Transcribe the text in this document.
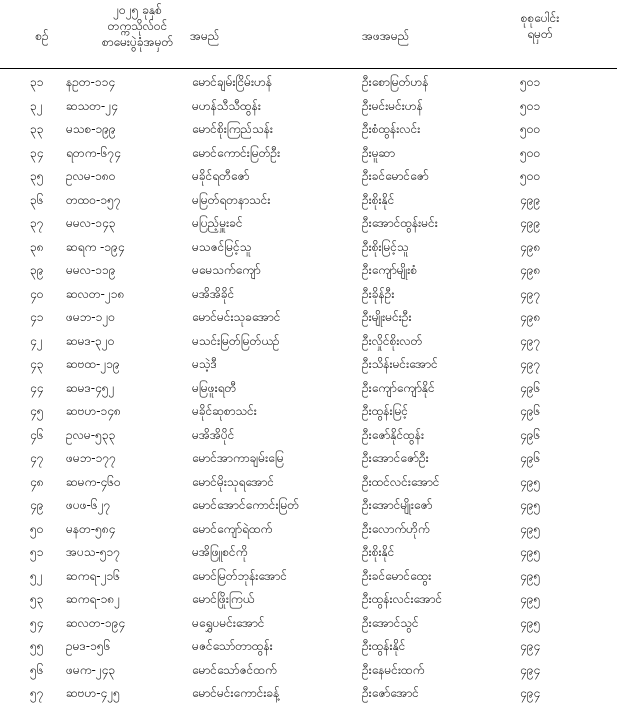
စဉ်
၂၀၂၅ ခုနှစ်
တက္ကသိုလ်ဝင်
စာမေးပွဲခုံအမှတ်	အမည်	အဖအမည်
စုစုပေါင်း
ရမှတ်
၃၁	နဥတ-၁၁၄	မောင်ချမ်းငြိမ်းဟန်	ဦးစောမြတ်ဟန်	၅၀၁
၃၂	ဆသတ-၂၄	မဟန်သီသီထွန်း	ဦးမင်းမင်းဟန်	၅၀၁
၃၃	မသစ-၁၉၉	မောင်စိုးကြည်သန်း	ဦးစံထွန်းလင်း	၅၀၀
၃၄	ရတက-၆၇၄	မောင်ကောင်းမြတ်ဦး	ဦးမူဆာ	၅၀၀
၃၅	ဥလမ-၁၈၀	မခိုင်ရတီဇော်	ဦးခင်မောင်ဇော်	၅၀၀
၃၆	တထ၀-၁၅၇	မမြတ်ရတနာသင်း	ဦးစိုးနိုင်	၄၉၉
၃၇	မမလ-၁၄၃	မပြည့်မှူးခင်	ဦးအောင်ထွန်းမင်း	၄၉၉
၃၈	ဆရက -၁၉၄	မသဇင်မြင့်သူ	ဦးစိုးမြင့်သူ	၄၉၈
၃၉	မမလ-၁၁၉	မမေသက်ကျော်	ဦးကျော်မျိုးစံ	၄၉၈
၄၀	ဆလတ-၂၁၈	မအိအိခိုင်	ဦးခိုန်ဦး	၄၉၇
၄၁	ဖမဘ-၁၂၀	မောင်မင်းသုခအောင်	ဦးမျိုးမင်းဦး	၄၉၈
၄၂	ဆမဒ-၃၂၀	မသင်းမြတ်မြတ်ယဉ်	ဦးလှိုင်စိုးလတ်	၄၉၇
၄၃	ဆဗထ-၂၁၉	မသဲ့ဒီ	ဦးသိန်းမင်းအောင်	၄၉၇
၄၄	ဆမဒ-၄၅၂	မမြဖူးရတီ	ဦးကျော်ကျော်နိုင်	၄၉၆
၄၅	ဆဗဟ-၁၄၈	မခိုင်ဆုစာသင်း	ဦးထွန်းမြင့်	၄၉၆
၄၆	ဥလမ-၅၃၃	မအိအိပိုင်	ဦးဇော်နိုင်ထွန်း	၄၉၆
၄၇	ဖမဘ-၁၇၇	မောင်အာကာချမ်းမြေ	ဦးအောင်ဇော်ဦး	၄၉၆
၄၈	ဆမက-၄၆၀	မောင်မိုးသုရအောင်	ဦးထင်လင်းအောင်	၄၉၅
၄၉	ဖပဖ-၆၂၇	မောင်အောင်ကောင်းမြတ်	ဦးအောင်မျိုးဇော်	၄၉၅
၅၀	မနတ-၅၈၄	မောင်ကျော်ရဲထက်	ဦးလောက်ဟိုက်	၄၉၅
၅၁	အပသ-၅၁၇	မအိဖြူစင်ကို	ဦးစိုးနိုင်	၄၉၅
၅၂	ဆကရ-၂၁၆	မောင်မြတ်ဘုန်းအောင်	ဦးခင်မောင်ထွေး	၄၉၅
၅၃	ဆကရ-၁၈၂	မောင်ဖြိုးကြယ်	ဦးထွန်းလင်းအောင်	၄၉၅
၅၄	ဆလတ-၁၉၄	မရွှေပမင်းအောင်	ဦးအောင်သွင်	၄၉၅
၅၅	ဥမဒ-၁၅၆	မဇင်သော်တာထွန်း	ဦးထွန်းနိုင်	၄၉၄
၅၆	ဖမက-၂၄၃	မောင်သော်ဇင်ထက်	ဦးနေမင်းထက်	၄၉၄
၅၇	ဆဗဟ-၄၂၅	မောင်မင်းကောင်းခန့်	ဦးဇော်အောင်	၄၉၄
